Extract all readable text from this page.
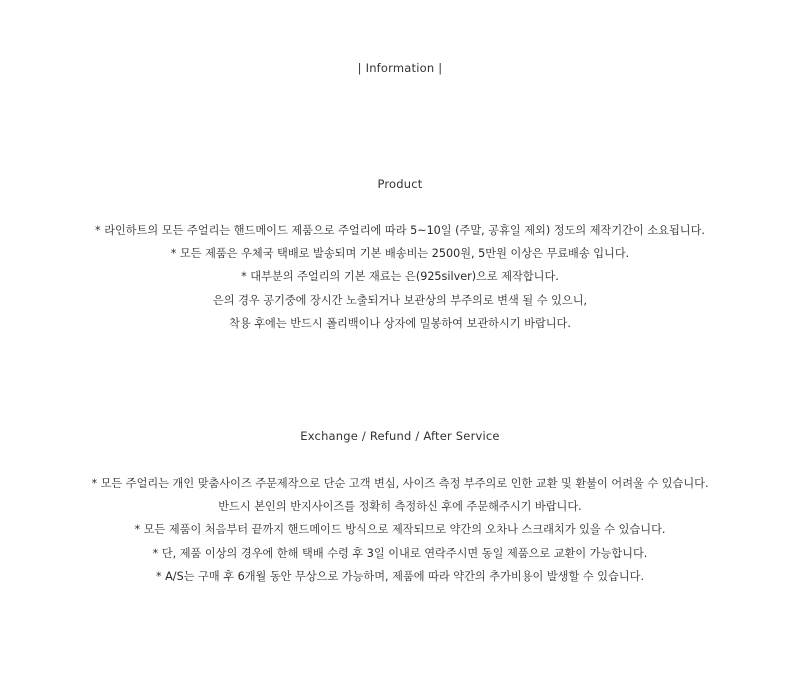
| Information |
Product
* 라인하트의 모든 주얼리는 핸드메이드 제품으로 주얼리에 따라 5~10일 (주말, 공휴일 제외) 정도의 제작기간이 소요됩니다.
* 모든 제품은 우체국 택배로 발송되며 기본 배송비는 2500원, 5만원 이상은 무료배송 입니다.
* 대부분의 주얼리의 기본 재료는 은(925silver)으로 제작합니다.
은의 경우 공기중에 장시간 노출되거나 보관상의 부주의로 변색 될 수 있으니,
착용 후에는 반드시 폴리백이나 상자에 밀봉하여 보관하시기 바랍니다.
Exchange / Refund / After Service
* 모든 주얼리는 개인 맞춤사이즈 주문제작으로 단순 고객 변심, 사이즈 측정 부주의로 인한 교환 및 환불이 어려울 수 있습니다.
반드시 본인의 반지사이즈를 정확히 측정하신 후에 주문해주시기 바랍니다.
* 모든 제품이 처음부터 끝까지 핸드메이드 방식으로 제작되므로 약간의 오차나 스크래치가 있을 수 있습니다.
* 단, 제품 이상의 경우에 한해 택배 수령 후 3일 이내로 연락주시면 동일 제품으로 교환이 가능합니다.
* A/S는 구매 후 6개월 동안 무상으로 가능하며, 제품에 따라 약간의 추가비용이 발생할 수 있습니다.
